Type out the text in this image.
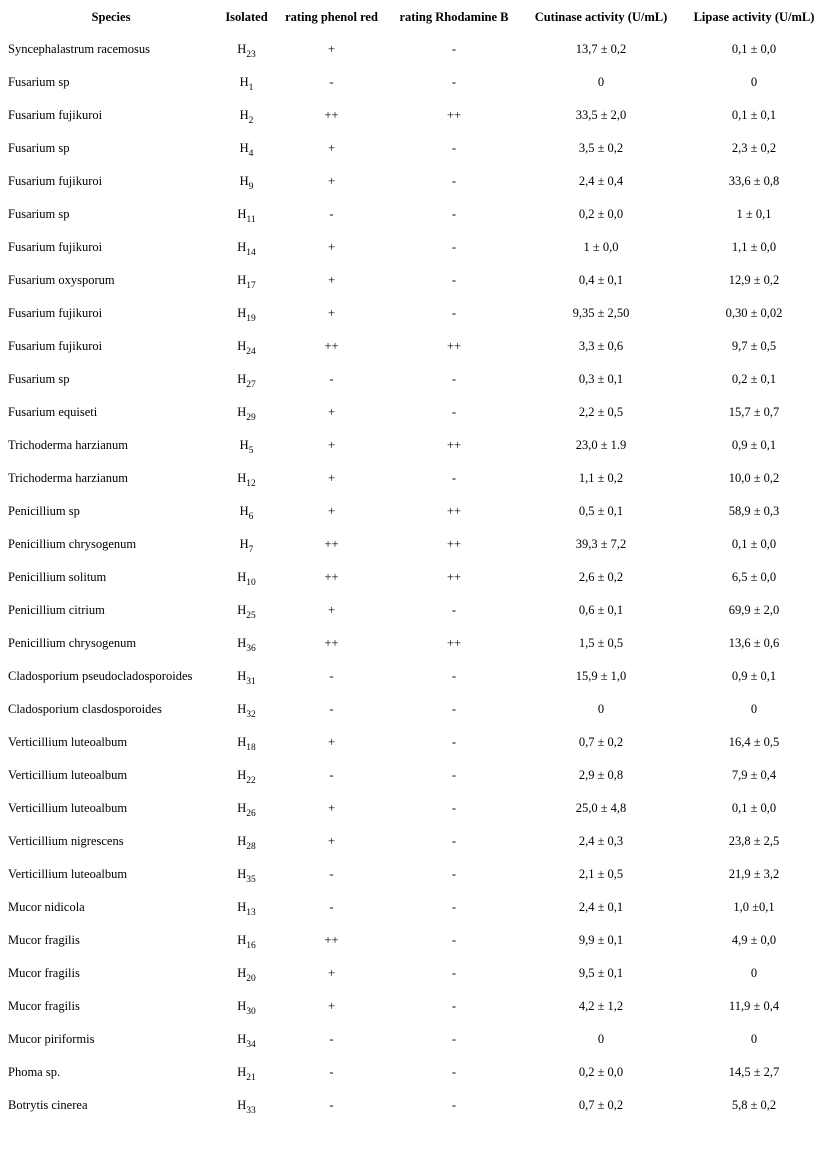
Species	Isolated	rating phenol red	rating Rhodamine B	Cutinase activity (U/mL)	Lipase activity (U/mL)
Syncephalastrum racemosus	$H_{23}$	+	-	13,7 ± 0,2	0,1 ± 0,0
Fusarium sp	$H_1$	-	-	0	0
Fusarium fujikuroi	$H_2$	++	++	33,5 ± 2,0	0,1 ± 0,1
Fusarium sp	$H_4$	+	-	3,5 ± 0,2	2,3 ± 0,2
Fusarium fujikuroi	$H_9$	+	-	2,4 ± 0,4	33,6 ± 0,8
Fusarium sp	$H_{11}$	-	-	0,2 ± 0,0	1 ± 0,1
Fusarium fujikuroi	$H_{14}$	+	-	1 ± 0,0	1,1 ± 0,0
Fusarium oxysporum	$H_{17}$	+	-	0,4 ± 0,1	12,9 ± 0,2
Fusarium fujikuroi	$H_{19}$	+	-	9,35 ± 2,50	0,30 ± 0,02
Fusarium fujikuroi	$H_{24}$	++	++	3,3 ± 0,6	9,7 ± 0,5
Fusarium sp	$H_{27}$	-	-	0,3 ± 0,1	0,2 ± 0,1
Fusarium equiseti	$H_{29}$	+	-	2,2 ± 0,5	15,7 ± 0,7
Trichoderma harzianum	$H_5$	+	++	23,0 ± 1.9	0,9 ± 0,1
Trichoderma harzianum	$H_{12}$	+	-	1,1 ± 0,2	10,0 ± 0,2
Penicillium sp	$H_6$	+	++	0,5 ± 0,1	58,9 ± 0,3
Penicillium chrysogenum	$H_7$	++	++	39,3 ± 7,2	0,1 ± 0,0
Penicillium solitum	$H_{10}$	++	++	2,6 ± 0,2	6,5 ± 0,0
Penicillium citrium	$H_{25}$	+	-	0,6 ± 0,1	69,9 ± 2,0
Penicillium chrysogenum	$H_{36}$	++	++	1,5 ± 0,5	13,6 ± 0,6
Cladosporium pseudocladosporoides	$H_{31}$	-	-	15,9 ± 1,0	0,9 ± 0,1
Cladosporium clasdosporoides	$H_{32}$	-	-	0	0
Verticillium luteoalbum	$H_{18}$	+	-	0,7 ± 0,2	16,4 ± 0,5
Verticillium luteoalbum	$H_{22}$	-	-	2,9 ± 0,8	7,9 ± 0,4
Verticillium luteoalbum	$H_{26}$	+	-	25,0 ± 4,8	0,1 ± 0,0
Verticillium nigrescens	$H_{28}$	+	-	2,4 ± 0,3	23,8 ± 2,5
Verticillium luteoalbum	$H_{35}$	-	-	2,1 ± 0,5	21,9 ± 3,2
Mucor nidicola	$H_{13}$	-	-	2,4 ± 0,1	1,0 ±0,1
Mucor fragilis	$H_{16}$	++	-	9,9 ± 0,1	4,9 ± 0,0
Mucor fragilis	$H_{20}$	+	-	9,5 ± 0,1	0
Mucor fragilis	$H_{30}$	+	-	4,2 ± 1,2	11,9 ± 0,4
Mucor piriformis	$H_{34}$	-	-	0	0
Phoma sp.	$H_{21}$	-	-	0,2 ± 0,0	14,5 ± 2,7
Botrytis cinerea	$H_{33}$	-	-	0,7 ± 0,2	5,8 ± 0,2
